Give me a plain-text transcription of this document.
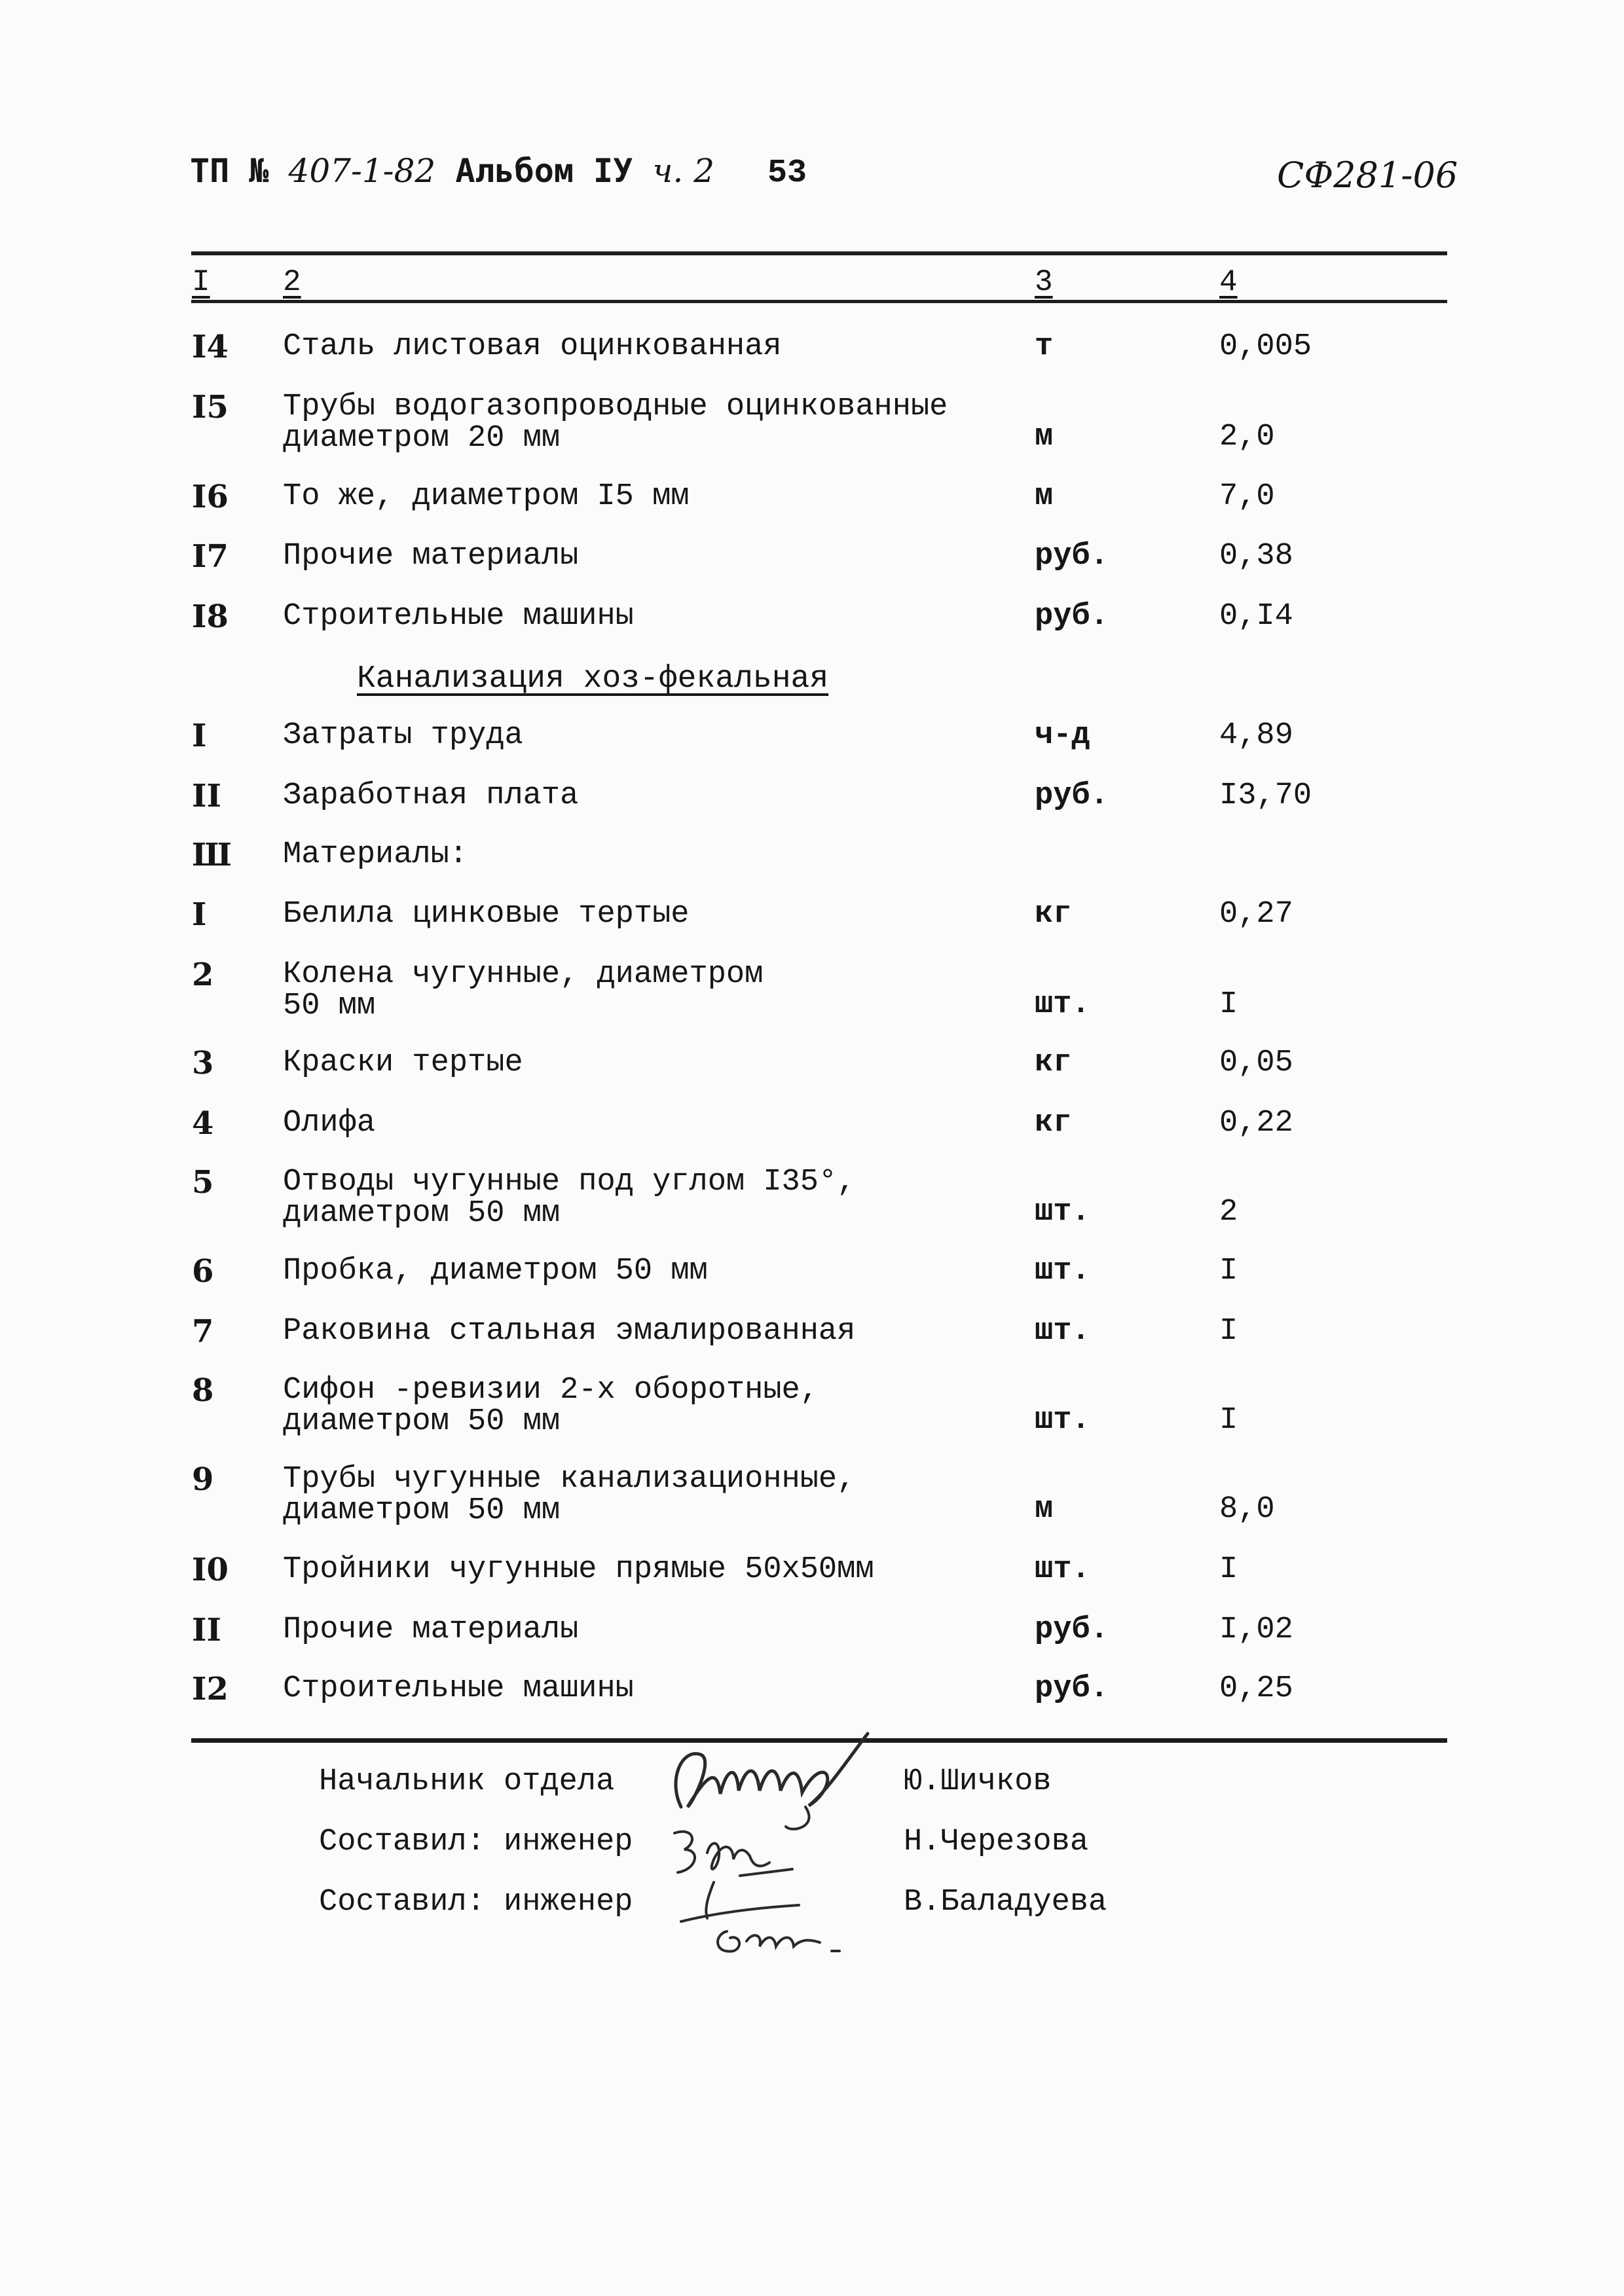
ТП № 407-1-82 Альбом IУ ч. 2 53	СФ281-06
I 2	3	4
I4 Сталь листовая оцинкованная	т	0,005
I5 Трубы водогазопроводные оцинкованные
диаметром 20 мм	м	2,0
I6 То же, диаметром I5 мм	м	7,0
I7 Прочие материалы	руб.	0,38
I8 Строительные машины	руб.	0,I4
Канализация хоз-фекальная
I Затраты труда	ч-д	4,89
II Заработная плата	руб.	I3,70
Ш Материалы:
I Белила цинковые тертые	кг	0,27
2 Колена чугунные, диаметром
50 мм	шт.	I
3 Краски тертые	кг	0,05
4 Олифа	кг	0,22
5 Отводы чугунные под углом I35°,
диаметром 50 мм	шт.	2
6 Пробка, диаметром 50 мм	шт.	I
7 Раковина стальная эмалированная	шт.	I
8 Сифон -ревизии 2-х оборотные,
диаметром 50 мм	шт.	I
9 Трубы чугунные канализационные,
диаметром 50 мм	м	8,0
I0 Тройники чугунные прямые 50х50мм	шт.	I
II Прочие материалы	руб.	I,02
I2 Строительные машины	руб.	0,25
Начальник отдела	Ю.Шичков
Составил: инженер	Н.Черезова
Составил: инженер	В.Баладуева
